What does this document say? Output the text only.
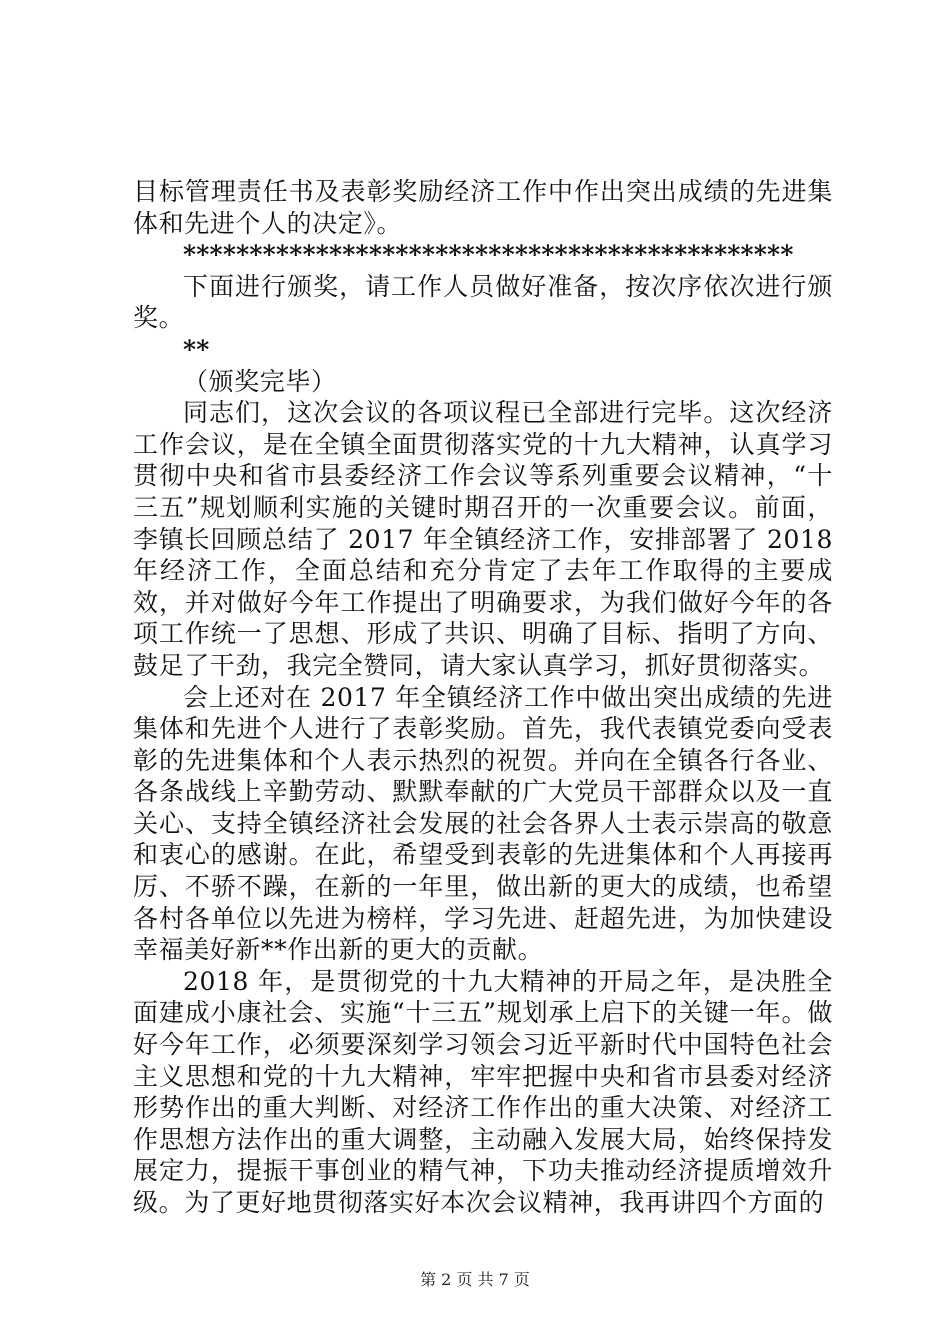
目标管理责任书及表彰奖励经济工作中作出突出成绩的先进集体和先进个人的决定》。

**********************************************

下面进行颁奖，请工作人员做好准备，按次序依次进行颁奖。

**

（颁奖完毕）

同志们，这次会议的各项议程已全部进行完毕。这次经济工作会议，是在全镇全面贯彻落实党的十九大精神，认真学习贯彻中央和省市县委经济工作会议等系列重要会议精神，“十三五”规划顺利实施的关键时期召开的一次重要会议。前面，李镇长回顾总结了 2017 年全镇经济工作，安排部署了 2018 年经济工作，全面总结和充分肯定了去年工作取得的主要成效，并对做好今年工作提出了明确要求，为我们做好今年的各项工作统一了思想、形成了共识、明确了目标、指明了方向、鼓足了干劲，我完全赞同，请大家认真学习，抓好贯彻落实。

会上还对在 2017 年全镇经济工作中做出突出成绩的先进集体和先进个人进行了表彰奖励。首先，我代表镇党委向受表彰的先进集体和个人表示热烈的祝贺。并向在全镇各行各业、各条战线上辛勤劳动、默默奉献的广大党员干部群众以及一直关心、支持全镇经济社会发展的社会各界人士表示崇高的敬意和衷心的感谢。在此，希望受到表彰的先进集体和个人再接再厉、不骄不躁，在新的一年里，做出新的更大的成绩，也希望各村各单位以先进为榜样，学习先进、赶超先进，为加快建设幸福美好新**作出新的更大的贡献。

2018 年，是贯彻党的十九大精神的开局之年，是决胜全面建成小康社会、实施“十三五”规划承上启下的关键一年。做好今年工作，必须要深刻学习领会习近平新时代中国特色社会主义思想和党的十九大精神，牢牢把握中央和省市县委对经济形势作出的重大判断、对经济工作作出的重大决策、对经济工作思想方法作出的重大调整，主动融入发展大局，始终保持发展定力，提振干事创业的精气神，下功夫推动经济提质增效升级。为了更好地贯彻落实好本次会议精神，我再讲四个方面的

第 2 页 共 7 页
